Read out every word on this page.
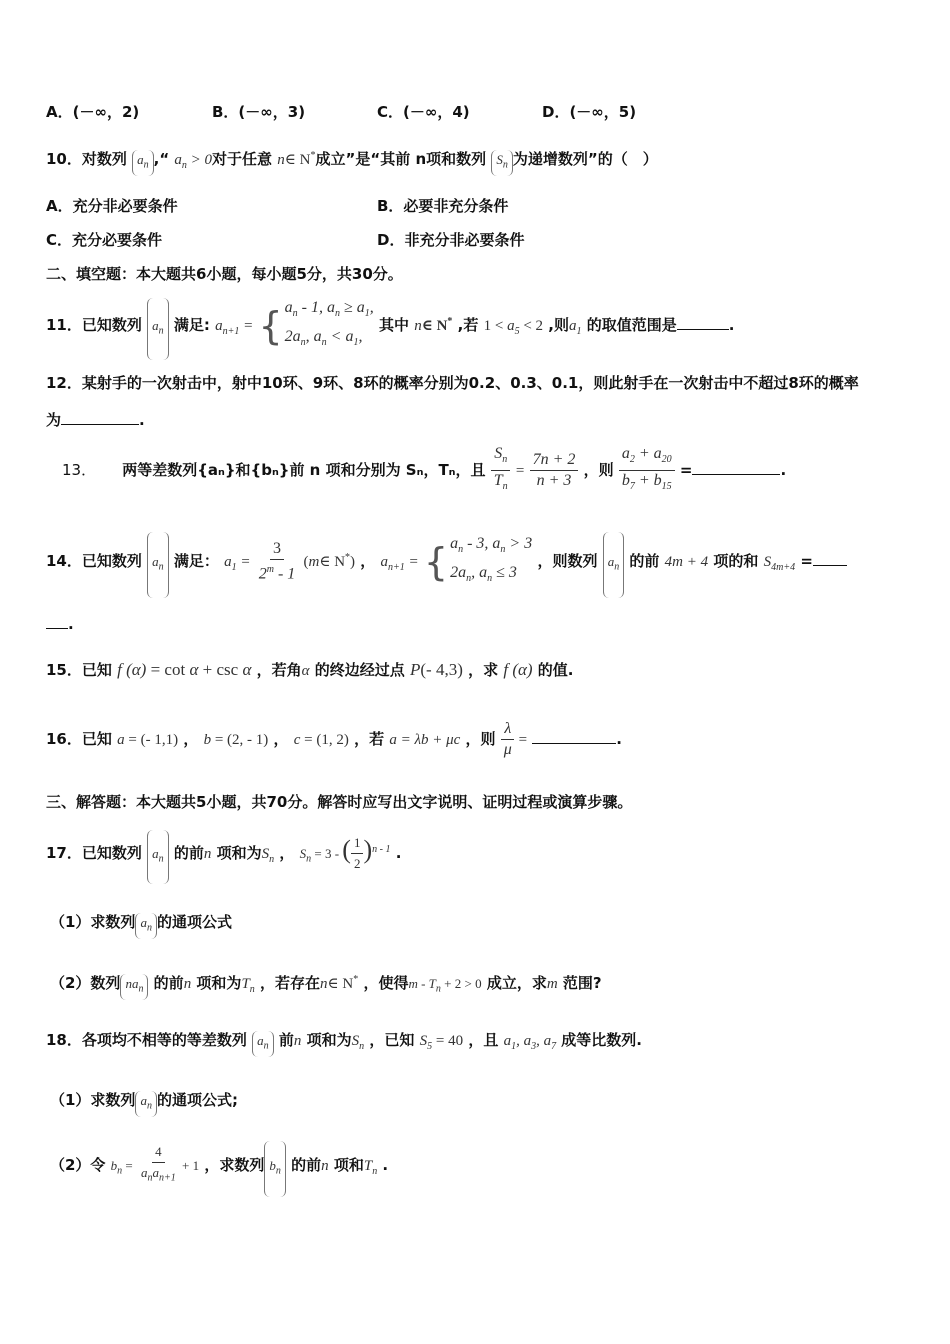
A．(－∞，2)	B．(－∞，3)	C．(－∞，4)	D．(－∞，5)
10．对数列 $a_n$ ,“ $a_n > 0$对于任意 n∈ N*成立”是“其前 n项和数列 $S_n$ 为递增数列”的（　）
A．充分非必要条件	B．必要非充分条件
C．充分必要条件	D．非充分非必要条件
二、填空题：本大题共6小题，每小题5分，共30分。
11．已知数列 $a_n$ 满足: $a_{n+1}$ = { $a_n - 1$, $a_n \ge a_1$,
$2a_n$, $a_n < a_1$,
其中 n∈ N* ,若 $1 < a_5 < 2$ ,则$a_1$ 的取值范围是	.
12．某射手的一次射击中，射中10环、9环、8环的概率分别为0.2、0.3、0.1，则此射手在一次射击中不超过8环的概率
为	.
13． 两等差数列{aₙ}和{bₙ}前 n 项和分别为 Sₙ，Tₙ，且 $\frac{S_n}{T_n} = \frac{7n + 2}{n + 3}$ ，则 $\frac{a_2 + a_{20}}{b_7 + b_{15}}$ =	.
14．已知数列 $a_n$ 满足： $a_1 = \frac{3}{2^m - 1}$ (m∈ N*) ， $a_{n+1}$ = { $a_n - 3$, $a_n > 3$
$2a_n$, $a_n \le 3$
，则数列 $a_n$ 的前 4m + 4 项的和 $S_{4m+4}$ =
.
15．已知 f (α) = cot α + csc α ，若角α 的终边经过点 P(- 4,3) ，求 f (α) 的值.
16．已知 a = (- 1,1) ， b = (2, - 1) ， c = (1, 2) ，若 a = λb + μc ，则 $\frac{\lambda}{\mu}$ =	.
三、解答题：本大题共5小题，共70分。解答时应写出文字说明、证明过程或演算步骤。
17．已知数列 $a_n$ 的前n 项和为$S_n$ ， $S_n = 3$ - ( $\frac{1}{2} )^{n - 1}$ .
（1）求数列 $a_n$ 的通项公式
（2）数列 $na_n$ 的前n 项和为$T_n$ ，若存在n∈ N* ，使得$m - T_n + 2 > 0$ 成立，求m 范围?
18．各项均不相等的等差数列 $a_n$ 前n 项和为$S_n$ ，已知 $S_5 = 40$ ，且 $a_1$, $a_3$, $a_7$ 成等比数列.
（1）求数列 $a_n$ 的通项公式;
（2）令 $b_n = \frac{4}{a_na_{n+1}} + 1$ ，求数列 $b_n$ 的前n 项和$T_n$ .
